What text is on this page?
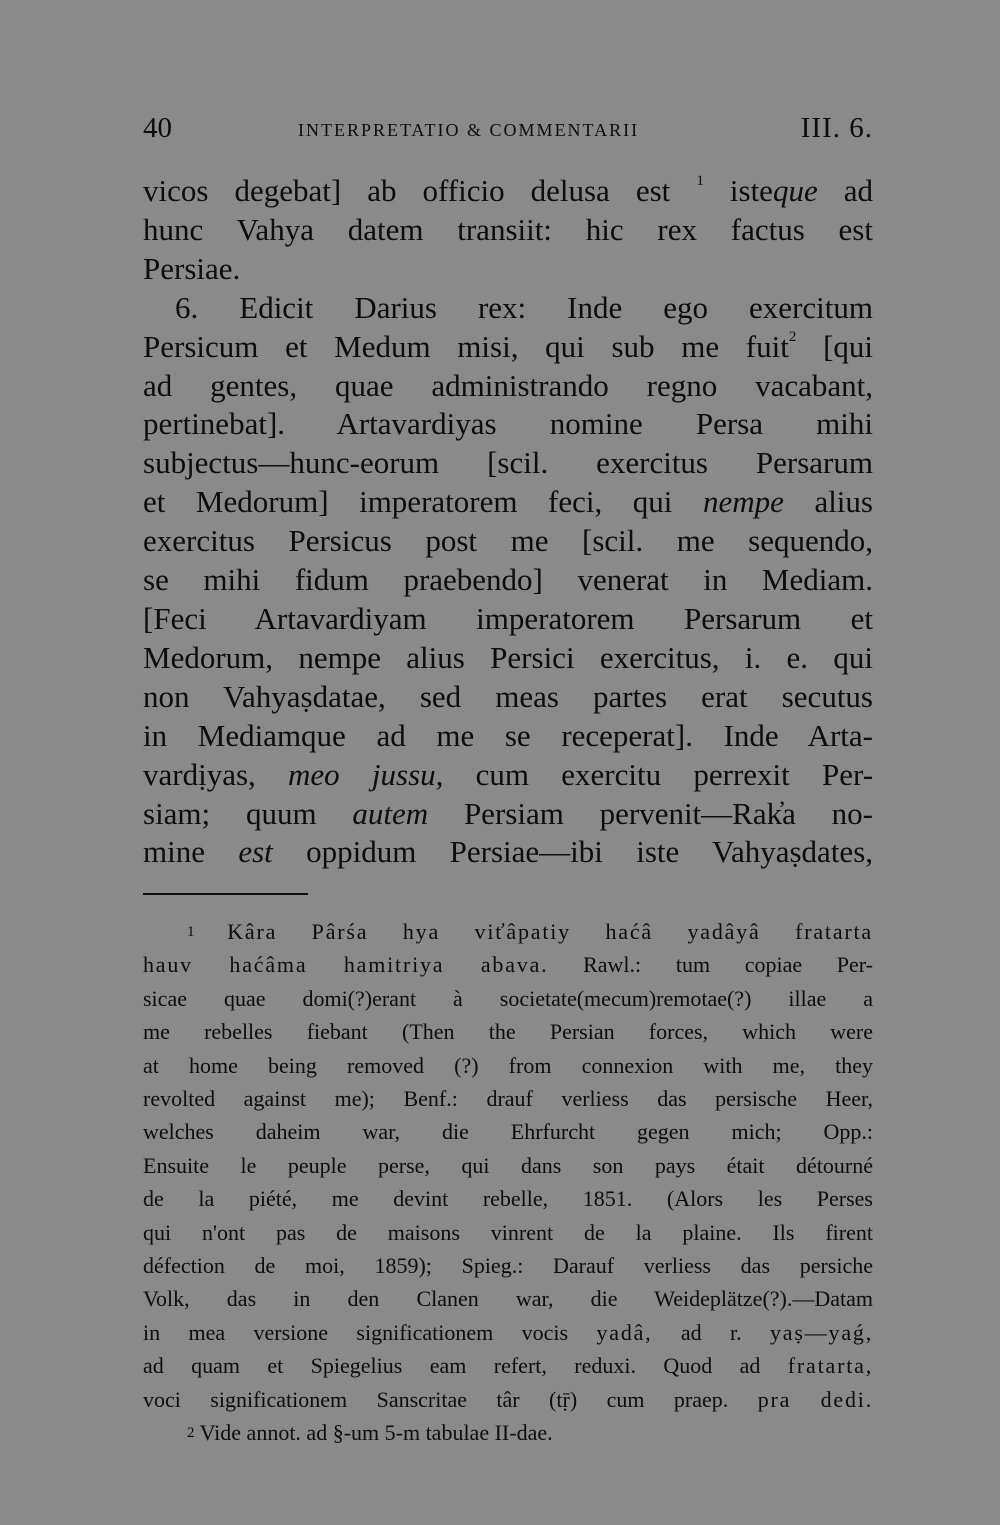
40	INTERPRETATIO & COMMENTARII	III. 6.
vicos degebat] ab officio delusa est $^1$ isteque ad
hunc Vahya datem transiit: hic rex factus est
Persiae.
6. Edicit Darius rex: Inde ego exercitum
Persicum et Medum misi, qui sub me fuit$^2$ [qui
ad gentes, quae administrando regno vacabant,
pertinebat]. Artavardiyas nomine Persa mihi
subjectus—hunc-eorum [scil. exercitus Persarum
et Medorum] imperatorem feci, qui nempe alius
exercitus Persicus post me [scil. me sequendo,
se mihi fidum praebendo] venerat in Mediam.
[Feci Artavardiyam imperatorem Persarum et
Medorum, nempe alius Persici exercitus, i. e. qui
non Vahyaṣdatae, sed meas partes erat secutus
in Mediamque ad me se receperat]. Inde Arta-
vardịyas, meo jussu, cum exercitu perrexit Per-
siam; quum autem Persiam pervenit—Rak̓a no-
mine est oppidum Persiae—ibi iste Vahyaṣdates,
$^1$ Kâra Pârśa hya viťâpatiy haćâ yadâyâ fratarta
hauv haćâma hamitriya abava. Rawl.: tum copiae Per-
sicae quae domi(?)erant à societate(mecum)remotae(?) illae a
me rebelles fiebant (Then the Persian forces, which were
at home being removed (?) from connexion with me, they
revolted against me); Benf.: drauf verliess das persische Heer,
welches daheim war, die Ehrfurcht gegen mich; Opp.:
Ensuite le peuple perse, qui dans son pays était détourné
de la piété, me devint rebelle, 1851. (Alors les Perses
qui n'ont pas de maisons vinrent de la plaine. Ils firent
défection de moi, 1859); Spieg.: Darauf verliess das persiche
Volk, das in den Clanen war, die Weideplätze(?).—Datam
in mea versione significationem vocis yadâ, ad r. yaṣ—yaǵ,
ad quam et Spiegelius eam refert, reduxi. Quod ad fratarta,
voci significationem Sanscritae târ (tṝ) cum praep. pra dedi.
$^2$ Vide annot. ad §-um 5-m tabulae II-dae.
